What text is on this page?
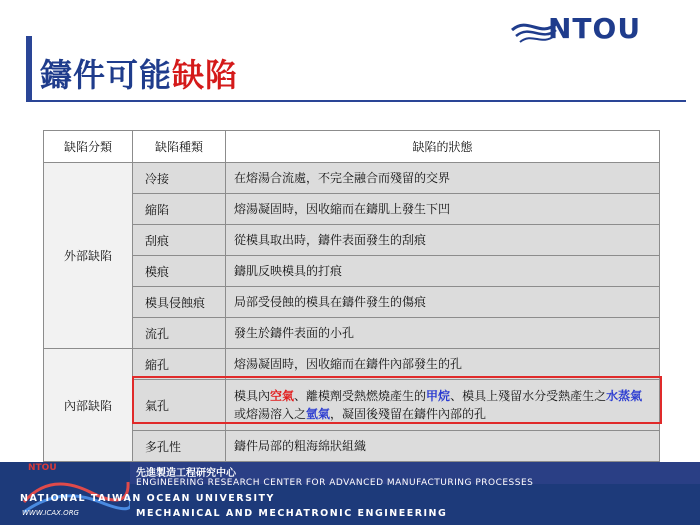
NTOU
鑄件可能缺陷
缺陷分類	缺陷種類	缺陷的狀態
外部缺陷	冷接	在熔湯合流處，不完全融合而殘留的交界
	縮陷	熔湯凝固時，因收縮而在鑄肌上發生下凹
	刮痕	從模具取出時，鑄件表面發生的刮痕
	模痕	鑄肌反映模具的打痕
	模具侵蝕痕	局部受侵蝕的模具在鑄件發生的傷痕
	流孔	發生於鑄件表面的小孔
內部缺陷	縮孔	熔湯凝固時，因收縮而在鑄件內部發生的孔
	氣孔	模具內空氣、離模劑受熱燃燒產生的甲烷、模具上殘留水分受熱產生之水蒸氣或熔湯溶入之氫氣，凝固後殘留在鑄件內部的孔
	多孔性	鑄件局部的粗海綿狀組織
NTOU	先進製造工程研究中心
ENGINEERING RESEARCH CENTER FOR ADVANCED MANUFACTURING PROCESSES
NATIONAL TAIWAN OCEAN UNIVERSITY
WWW.ICAX.ORG	MECHANICAL AND MECHATRONIC ENGINEERING
